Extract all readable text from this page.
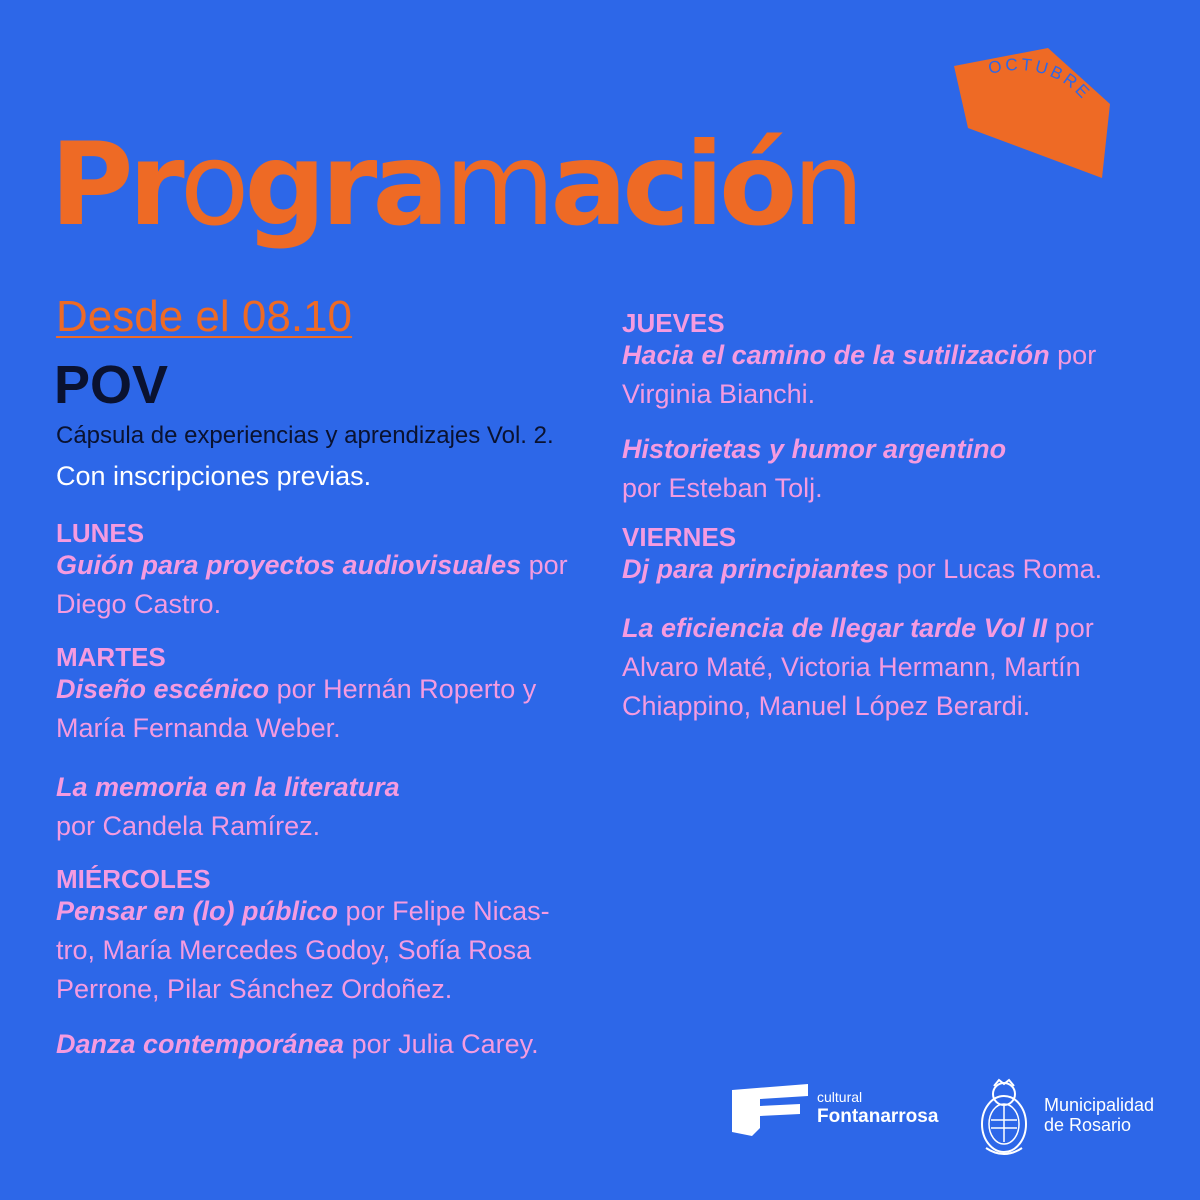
OCTUBRE
Programación
Desde el 08.10
POV
Cápsula de experiencias y aprendizajes Vol. 2.
Con inscripciones previas.
LUNES

Guión para proyectos audiovisuales por
Diego Castro.

MARTES

Diseño escénico por Hernán Roperto y
María Fernanda Weber.

La memoria en la literatura
por Candela Ramírez.

MIÉRCOLES

Pensar en (lo) público por Felipe Nicas-
tro, María Mercedes Godoy, Sofía Rosa
Perrone, Pilar Sánchez Ordoñez.

Danza contemporánea por Julia Carey.

JUEVES

Hacia el camino de la sutilización por
Virginia Bianchi.

Historietas y humor argentino
por Esteban Tolj.

VIERNES

Dj para principiantes por Lucas Roma.

La eficiencia de llegar tarde Vol II por
Alvaro Maté, Victoria Hermann, Martín
Chiappino, Manuel López Berardi.

cultural
Fontanarrosa
Municipalidad
de Rosario
